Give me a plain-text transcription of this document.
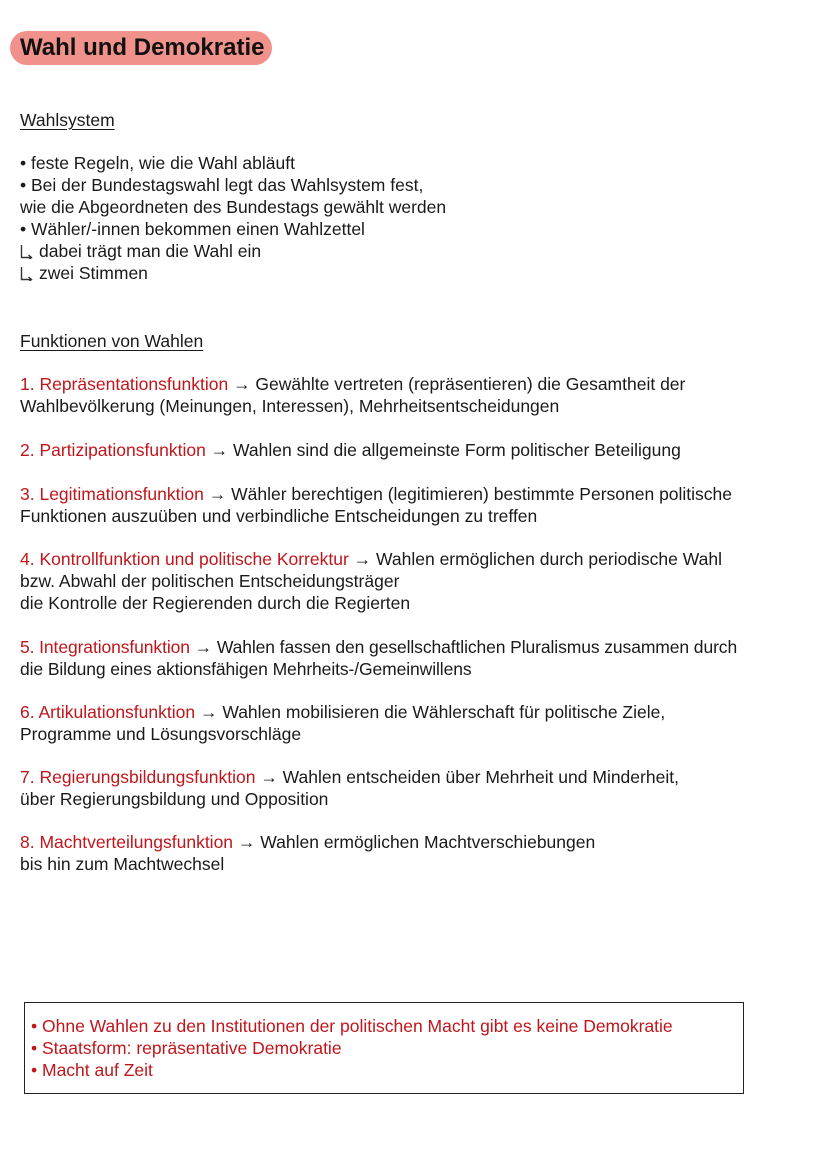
Wahl und Demokratie
Wahlsystem
• feste Regeln, wie die Wahl abläuft
• Bei der Bundestagswahl legt das Wahlsystem fest,
wie die Abgeordneten des Bundestags gewählt werden
• Wähler/-innen bekommen einen Wahlzettel
dabei trägt man die Wahl ein
zwei Stimmen
Funktionen von Wahlen
1. Repräsentationsfunktion → Gewählte vertreten (repräsentieren) die Gesamtheit der
Wahlbevölkerung (Meinungen, Interessen), Mehrheitsentscheidungen
2. Partizipationsfunktion → Wahlen sind die allgemeinste Form politischer Beteiligung
3. Legitimationsfunktion → Wähler berechtigen (legitimieren) bestimmte Personen politische
Funktionen auszuüben und verbindliche Entscheidungen zu treffen
4. Kontrollfunktion und politische Korrektur → Wahlen ermöglichen durch periodische Wahl
bzw. Abwahl der politischen Entscheidungsträger
die Kontrolle der Regierenden durch die Regierten
5. Integrationsfunktion → Wahlen fassen den gesellschaftlichen Pluralismus zusammen durch
die Bildung eines aktionsfähigen Mehrheits-/Gemeinwillens
6. Artikulationsfunktion → Wahlen mobilisieren die Wählerschaft für politische Ziele,
Programme und Lösungsvorschläge
7. Regierungsbildungsfunktion → Wahlen entscheiden über Mehrheit und Minderheit,
über Regierungsbildung und Opposition
8. Machtverteilungsfunktion → Wahlen ermöglichen Machtverschiebungen
bis hin zum Machtwechsel
• Ohne Wahlen zu den Institutionen der politischen Macht gibt es keine Demokratie
• Staatsform: repräsentative Demokratie
• Macht auf Zeit
